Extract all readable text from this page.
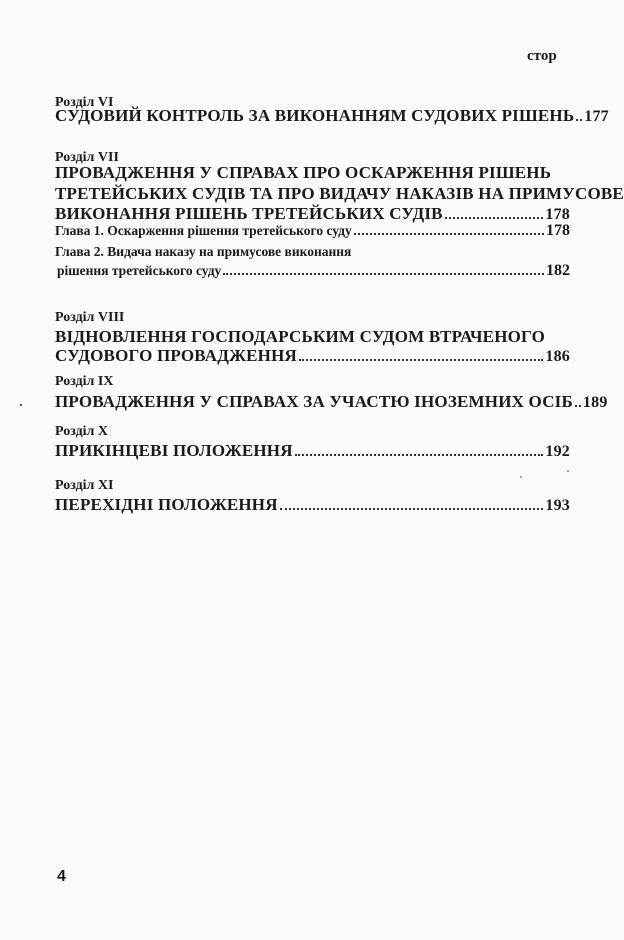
стор
Розділ VI
СУДОВИЙ КОНТРОЛЬ ЗА ВИКОНАННЯМ СУДОВИХ РІШЕНЬ 177
Розділ VII
ПРОВАДЖЕННЯ У СПРАВАХ ПРО ОСКАРЖЕННЯ РІШЕНЬ
ТРЕТЕЙСЬКИХ СУДІВ ТА ПРО ВИДАЧУ НАКАЗІВ НА ПРИМУСОВЕ
ВИКОНАННЯ РІШЕНЬ ТРЕТЕЙСЬКИХ СУДІВ	178
Глава 1. Оскарження рішення третейського суду	178
Глава 2. Видача наказу на примусове виконання
рішення третейського суду	182
Розділ VIII
ВІДНОВЛЕННЯ ГОСПОДАРСЬКИМ СУДОМ ВТРАЧЕНОГО
СУДОВОГО ПРОВАДЖЕННЯ	186
Розділ IX
ПРОВАДЖЕННЯ У СПРАВАХ ЗА УЧАСТЮ ІНОЗЕМНИХ ОСІБ 189
Розділ X
ПРИКІНЦЕВІ ПОЛОЖЕННЯ	192
Розділ XI
ПЕРЕХІДНІ ПОЛОЖЕННЯ	193
4
